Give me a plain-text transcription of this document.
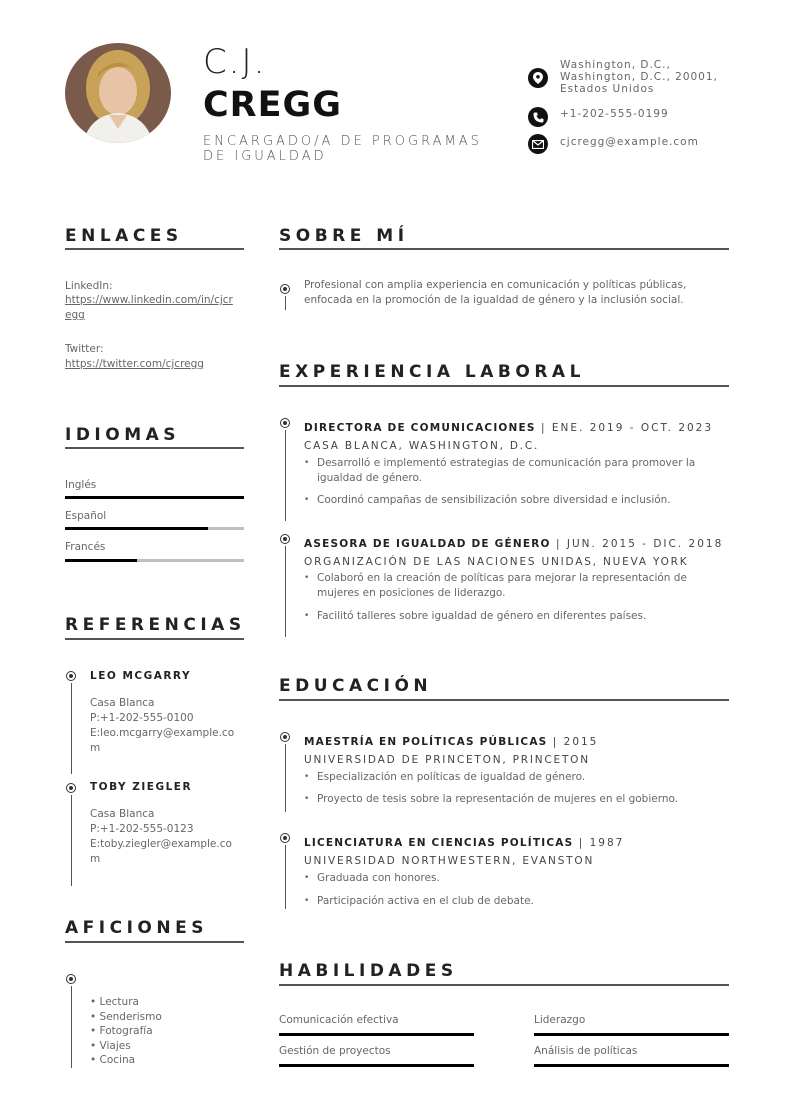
C.J.
CREGG
ENCARGADO/A DE PROGRAMAS
DE IGUALDAD
Washington, D.C.,
Washington, D.C., 20001,
Estados Unidos
+1-202-555-0199
cjcregg@example.com
ENLACES
LinkedIn:
https://www.linkedin.com/in/cjcr
egg
Twitter:
https://twitter.com/cjcregg
IDIOMAS
Inglés
Español
Francés
REFERENCIAS
LEO MCGARRY
Casa Blanca
P:+1-202-555-0100
E:leo.mcgarry@example.co
m
TOBY ZIEGLER
Casa Blanca
P:+1-202-555-0123
E:toby.ziegler@example.co
m
AFICIONES
• Lectura
• Senderismo
• Fotografía
• Viajes
• Cocina
SOBRE MÍ
Profesional con amplia experiencia en comunicación y políticas públicas,
enfocada en la promoción de la igualdad de género y la inclusión social.
EXPERIENCIA LABORAL
DIRECTORA DE COMUNICACIONES | ENE. 2019 - OCT. 2023
CASA BLANCA, WASHINGTON, D.C.
• Desarrolló e implementó estrategias de comunicación para promover la
igualdad de género.
• Coordinó campañas de sensibilización sobre diversidad e inclusión.
ASESORA DE IGUALDAD DE GÉNERO | JUN. 2015 - DIC. 2018
ORGANIZACIÓN DE LAS NACIONES UNIDAS, NUEVA YORK
• Colaboró en la creación de políticas para mejorar la representación de
mujeres en posiciones de liderazgo.
• Facilitó talleres sobre igualdad de género en diferentes países.
EDUCACIÓN
MAESTRÍA EN POLÍTICAS PÚBLICAS | 2015
UNIVERSIDAD DE PRINCETON, PRINCETON
• Especialización en políticas de igualdad de género.
• Proyecto de tesis sobre la representación de mujeres en el gobierno.
LICENCIATURA EN CIENCIAS POLÍTICAS | 1987
UNIVERSIDAD NORTHWESTERN, EVANSTON
• Graduada con honores.
• Participación activa en el club de debate.
HABILIDADES
Comunicación efectiva	Liderazgo
Gestión de proyectos	Análisis de políticas
